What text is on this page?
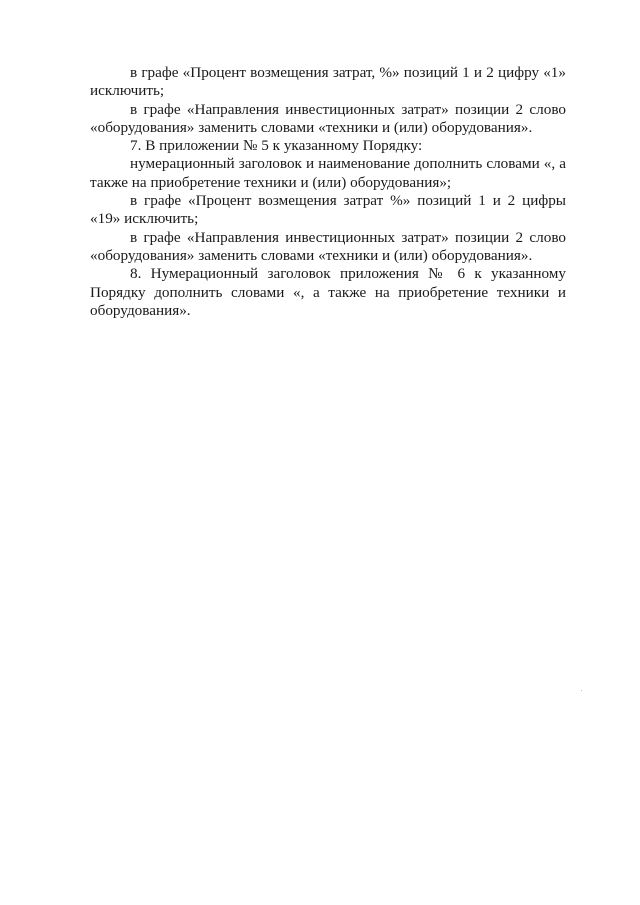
в графе «Процент возмещения затрат, %» позиций 1 и 2 цифру «1» исключить;

в графе «Направления инвестиционных затрат» позиции 2 слово «оборудования» заменить словами «техники и (или) оборудования».

7. В приложении № 5 к указанному Порядку:

нумерационный заголовок и наименование дополнить словами «, а также на приобретение техники и (или) оборудования»;

в графе «Процент возмещения затрат %» позиций 1 и 2 цифры «19» исключить;

в графе «Направления инвестиционных затрат» позиции 2 слово «оборудования» заменить словами «техники и (или) оборудования».

8. Нумерационный заголовок приложения № 6 к указанному Порядку дополнить словами «, а также на приобретение техники и оборудования».
